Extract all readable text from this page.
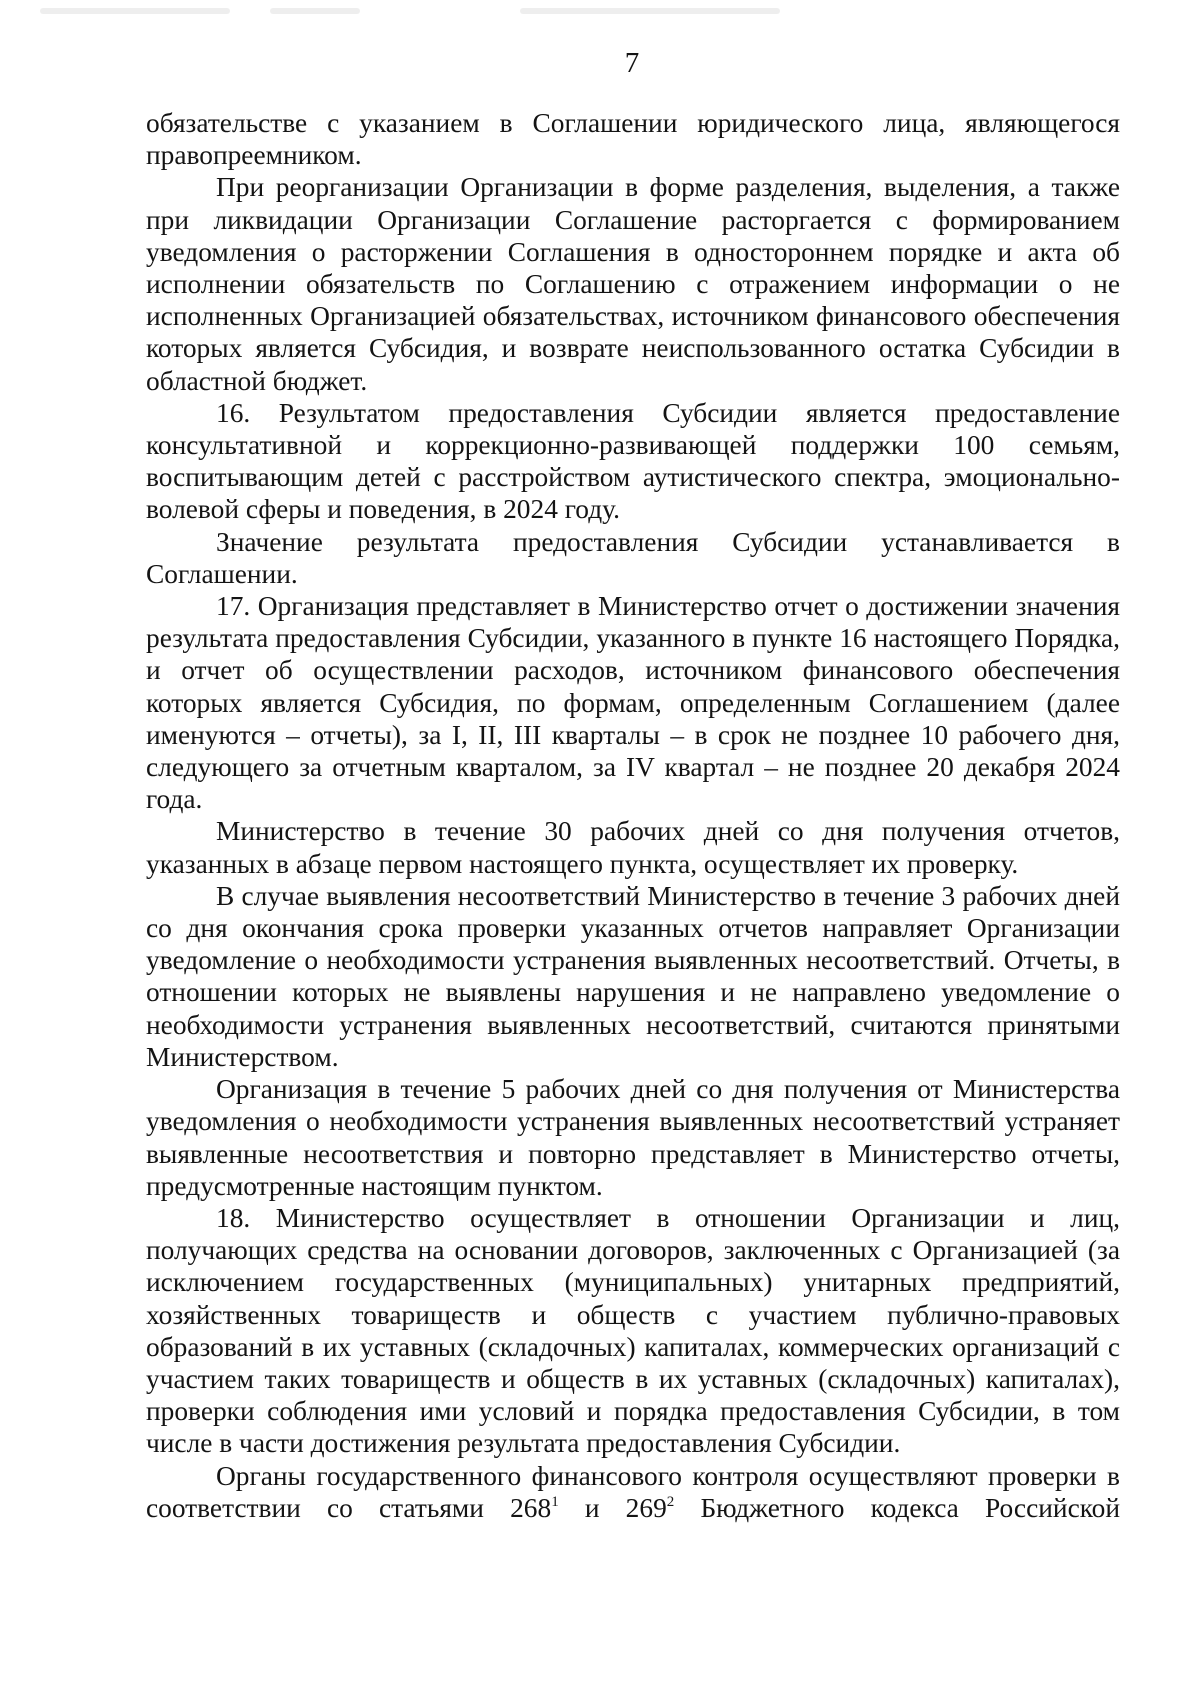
7

обязательстве с указанием в Соглашении юридического лица, являющегося правопреемником.

При реорганизации Организации в форме разделения, выделения, а также при ликвидации Организации Соглашение расторгается с формированием уведомления о расторжении Соглашения в одностороннем порядке и акта об исполнении обязательств по Соглашению с отражением информации о не исполненных Организацией обязательствах, источником финансового обеспечения которых является Субсидия, и возврате неиспользованного остатка Субсидии в областной бюджет.

16. Результатом предоставления Субсидии является предоставление консультативной и коррекционно-развивающей поддержки 100 семьям, воспитывающим детей с расстройством аутистического спектра, эмоционально-волевой сферы и поведения, в 2024 году.

Значение результата предоставления Субсидии устанавливается в Соглашении.

17. Организация представляет в Министерство отчет о достижении значения результата предоставления Субсидии, указанного в пункте 16 настоящего Порядка, и отчет об осуществлении расходов, источником финансового обеспечения которых является Субсидия, по формам, определенным Соглашением (далее именуются – отчеты), за I, II, III кварталы – в срок не позднее 10 рабочего дня, следующего за отчетным кварталом, за IV квартал – не позднее 20 декабря 2024 года.

Министерство в течение 30 рабочих дней со дня получения отчетов, указанных в абзаце первом настоящего пункта, осуществляет их проверку.

В случае выявления несоответствий Министерство в течение 3 рабочих дней со дня окончания срока проверки указанных отчетов направляет Организации уведомление о необходимости устранения выявленных несоответствий. Отчеты, в отношении которых не выявлены нарушения и не направлено уведомление о необходимости устранения выявленных несоответствий, считаются принятыми Министерством.

Организация в течение 5 рабочих дней со дня получения от Министерства уведомления о необходимости устранения выявленных несоответствий устраняет выявленные несоответствия и повторно представляет в Министерство отчеты, предусмотренные настоящим пунктом.

18. Министерство осуществляет в отношении Организации и лиц, получающих средства на основании договоров, заключенных с Организацией (за исключением государственных (муниципальных) унитарных предприятий, хозяйственных товариществ и обществ с участием публично-правовых образований в их уставных (складочных) капиталах, коммерческих организаций с участием таких товариществ и обществ в их уставных (складочных) капиталах), проверки соблюдения ими условий и порядка предоставления Субсидии, в том числе в части достижения результата предоставления Субсидии.

Органы государственного финансового контроля осуществляют проверки в соответствии со статьями $268^1$ и $269^2$ Бюджетного кодекса Российской
